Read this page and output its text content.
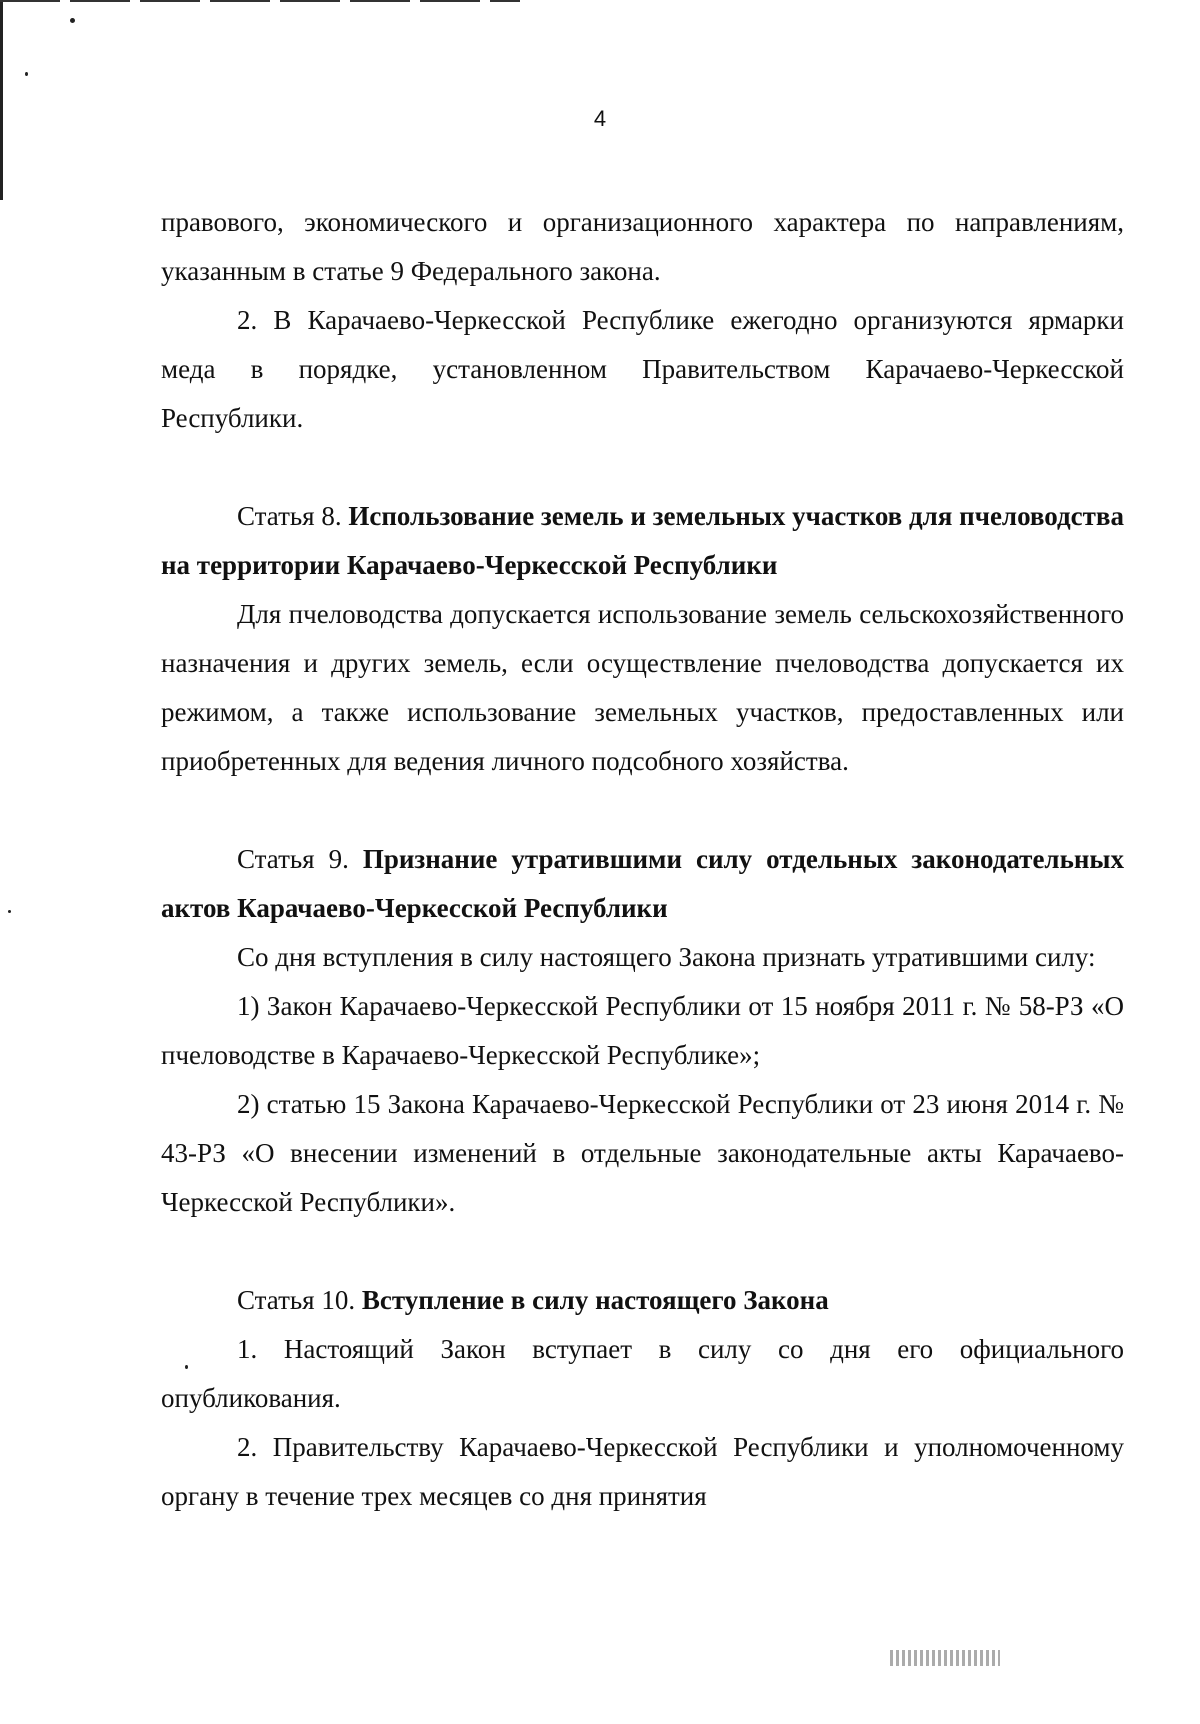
4

правового, экономического и организационного характера по направлениям, указанным в статье 9 Федерального закона.

2. В Карачаево-Черкесской Республике ежегодно организуются ярмарки меда в порядке, установленном Правительством Карачаево-Черкесской Республики.

Статья 8. Использование земель и земельных участков для пчеловодства на территории Карачаево-Черкесской Республики

Для пчеловодства допускается использование земель сельскохозяйственного назначения и других земель, если осуществление пчеловодства допускается их режимом, а также использование земельных участков, предоставленных или приобретенных для ведения личного подсобного хозяйства.

Статья 9. Признание утратившими силу отдельных законодательных актов Карачаево-Черкесской Республики

Со дня вступления в силу настоящего Закона признать утратившими силу:

1) Закон Карачаево-Черкесской Республики от 15 ноября 2011 г. № 58-РЗ «О пчеловодстве в Карачаево-Черкесской Республике»;

2) статью 15 Закона Карачаево-Черкесской Республики от 23 июня 2014 г. № 43-РЗ «О внесении изменений в отдельные законодательные акты Карачаево-Черкесской Республики».

Статья 10. Вступление в силу настоящего Закона

1. Настоящий Закон вступает в силу со дня его официального опубликования.

2. Правительству Карачаево-Черкесской Республики и уполномоченному органу в течение трех месяцев со дня принятия
